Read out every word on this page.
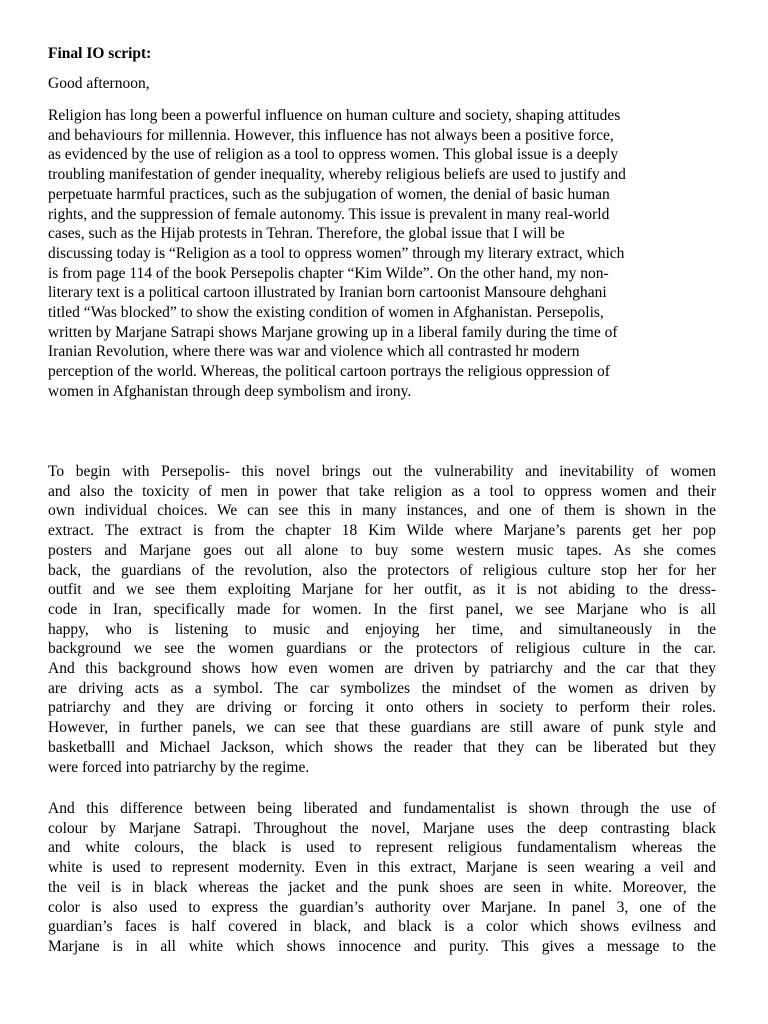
Final IO script:
Good afternoon,
Religion has long been a powerful influence on human culture and society, shaping attitudes
and behaviours for millennia. However, this influence has not always been a positive force,
as evidenced by the use of religion as a tool to oppress women. This global issue is a deeply
troubling manifestation of gender inequality, whereby religious beliefs are used to justify and
perpetuate harmful practices, such as the subjugation of women, the denial of basic human
rights, and the suppression of female autonomy. This issue is prevalent in many real-world
cases, such as the Hijab protests in Tehran. Therefore, the global issue that I will be
discussing today is “Religion as a tool to oppress women” through my literary extract, which
is from page 114 of the book Persepolis chapter “Kim Wilde”. On the other hand, my non-
literary text is a political cartoon illustrated by Iranian born cartoonist Mansoure dehghani
titled “Was blocked” to show the existing condition of women in Afghanistan. Persepolis,
written by Marjane Satrapi shows Marjane growing up in a liberal family during the time of
Iranian Revolution, where there was war and violence which all contrasted hr modern
perception of the world. Whereas, the political cartoon portrays the religious oppression of
women in Afghanistan through deep symbolism and irony.
To begin with Persepolis- this novel brings out the vulnerability and inevitability of women
and also the toxicity of men in power that take religion as a tool to oppress women and their
own individual choices. We can see this in many instances, and one of them is shown in the
extract. The extract is from the chapter 18 Kim Wilde where Marjane’s parents get her pop
posters and Marjane goes out all alone to buy some western music tapes. As she comes
back, the guardians of the revolution, also the protectors of religious culture stop her for her
outfit and we see them exploiting Marjane for her outfit, as it is not abiding to the dress-
code in Iran, specifically made for women. In the first panel, we see Marjane who is all
happy, who is listening to music and enjoying her time, and simultaneously in the
background we see the women guardians or the protectors of religious culture in the car.
And this background shows how even women are driven by patriarchy and the car that they
are driving acts as a symbol. The car symbolizes the mindset of the women as driven by
patriarchy and they are driving or forcing it onto others in society to perform their roles.
However, in further panels, we can see that these guardians are still aware of punk style and
basketballl and Michael Jackson, which shows the reader that they can be liberated but they
were forced into patriarchy by the regime.
And this difference between being liberated and fundamentalist is shown through the use of
colour by Marjane Satrapi. Throughout the novel, Marjane uses the deep contrasting black
and white colours, the black is used to represent religious fundamentalism whereas the
white is used to represent modernity. Even in this extract, Marjane is seen wearing a veil and
the veil is in black whereas the jacket and the punk shoes are seen in white. Moreover, the
color is also used to express the guardian’s authority over Marjane. In panel 3, one of the
guardian’s faces is half covered in black, and black is a color which shows evilness and
Marjane is in all white which shows innocence and purity. This gives a message to the
